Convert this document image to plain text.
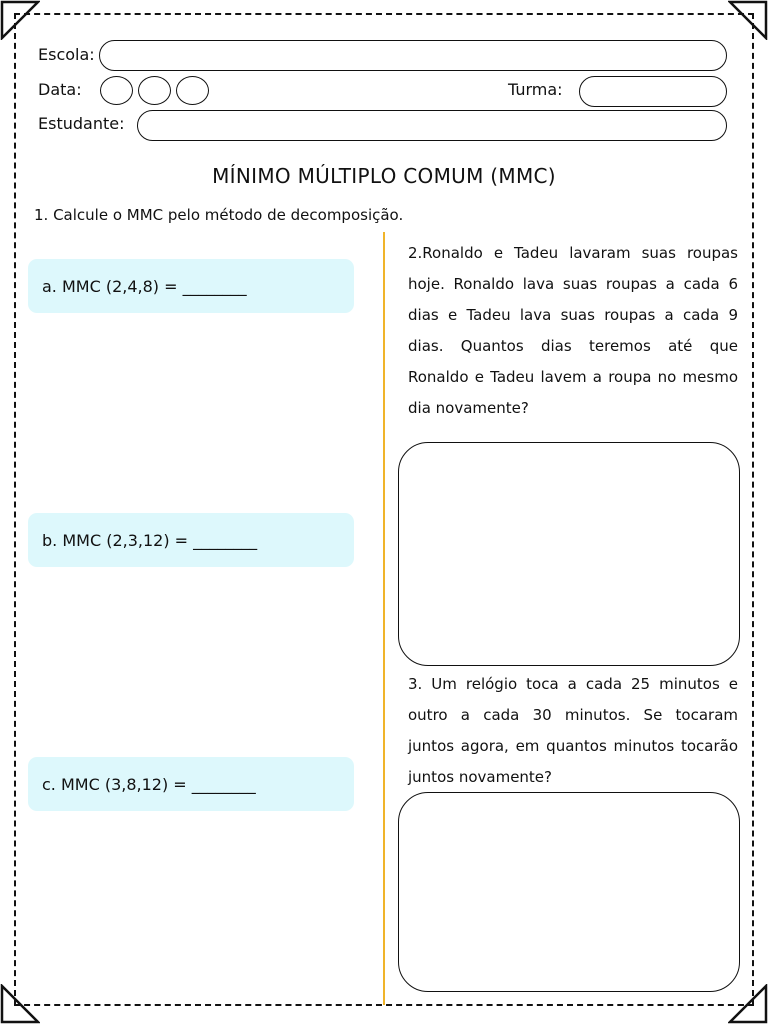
Escola:
Data:	Turma:
Estudante:
MÍNIMO MÚLTIPLO COMUM (MMC)
1. Calcule o MMC pelo método de decomposição.
a. MMC (2,4,8) = ________
b. MMC (2,3,12) = ________
c. MMC (3,8,12) = ________

2.Ronaldo e Tadeu lavaram suas roupas hoje. Ronaldo lava suas roupas a cada 6 dias e Tadeu lava suas roupas a cada 9 dias. Quantos dias teremos até que Ronaldo e Tadeu lavem a roupa no mesmo dia novamente?

3. Um relógio toca a cada 25 minutos e outro a cada 30 minutos. Se tocaram juntos agora, em quantos minutos tocarão juntos novamente?
